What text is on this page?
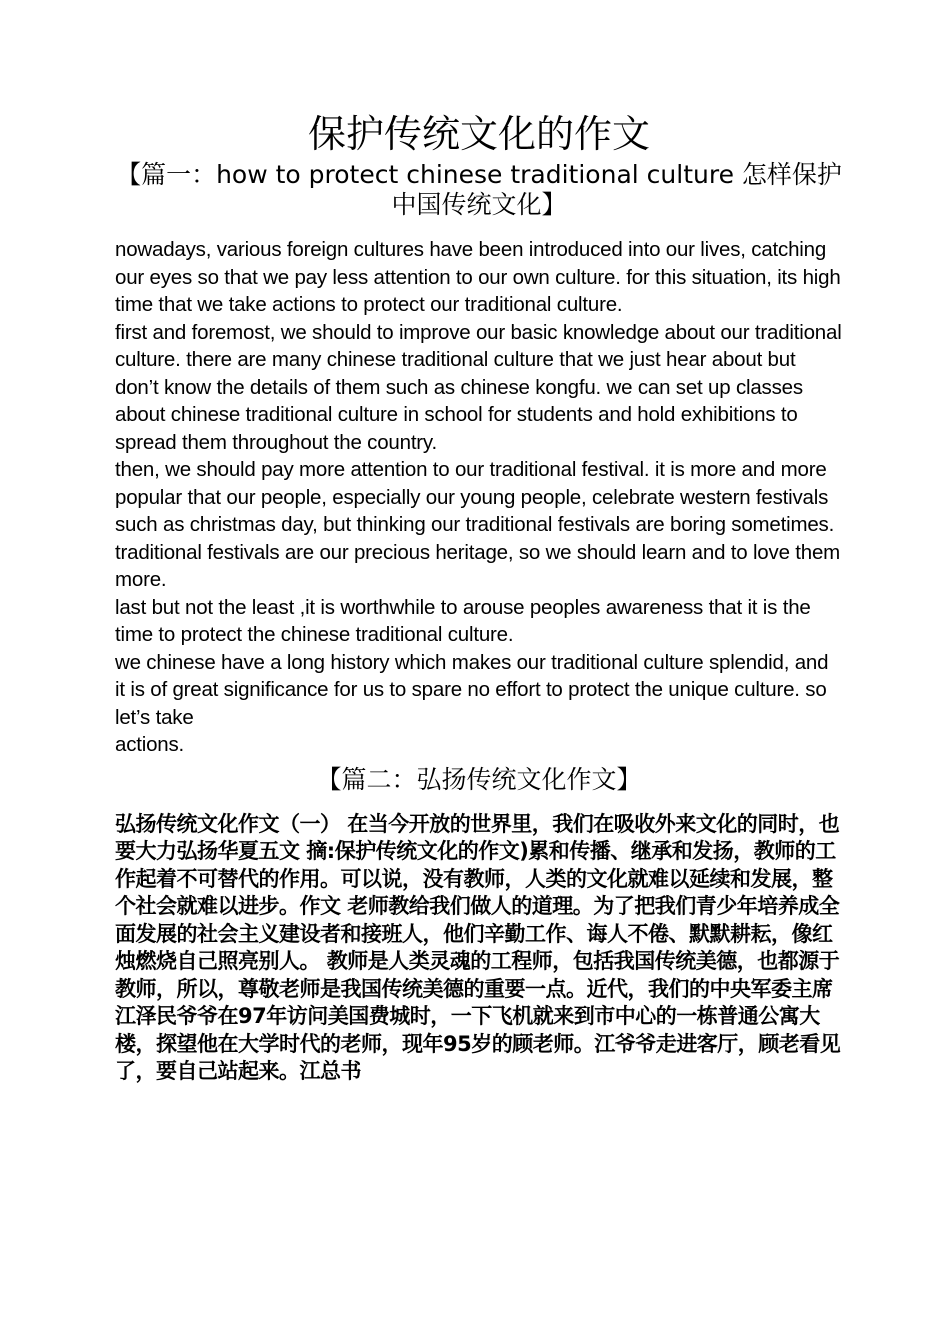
保护传统文化的作文
【篇一：how to protect chinese traditional culture 怎样保护中国传统文化】

nowadays, various foreign cultures have been introduced into our lives, catching our eyes so that we pay less attention to our own culture. for this situation, its high time that we take actions to protect our traditional culture.

first and foremost, we should to improve our basic knowledge about our traditional culture. there are many chinese traditional culture that we just hear about but don’t know the details of them such as chinese kongfu. we can set up classes about chinese traditional culture in school for students and hold exhibitions to spread them throughout the country.

then, we should pay more attention to our traditional festival. it is more and more popular that our people, especially our young people, celebrate western festivals such as christmas day, but thinking our traditional festivals are boring sometimes. traditional festivals are our precious heritage, so we should learn and to love them more.

last but not the least ,it is worthwhile to arouse peoples awareness that it is the time to protect the chinese traditional culture.

we chinese have a long history which makes our traditional culture splendid, and it is of great significance for us to spare no effort to protect the unique culture. so let’s take

actions.

【篇二：弘扬传统文化作文】

弘扬传统文化作文（一） 在当今开放的世界里，我们在吸收外来文化的同时，也要大力弘扬华夏五文 摘:保护传统文化的作文)累和传播、继承和发扬，教师的工作起着不可替代的作用。可以说，没有教师，人类的文化就难以延续和发展，整个社会就难以进步。作文 老师教给我们做人的道理。为了把我们青少年培养成全面发展的社会主义建设者和接班人，他们辛勤工作、诲人不倦、默默耕耘，像红烛燃烧自己照亮别人。 教师是人类灵魂的工程师，包括我国传统美德，也都源于教师，所以，尊敬老师是我国传统美德的重要一点。近代，我们的中央军委主席江泽民爷爷在97年访问美国费城时，一下飞机就来到市中心的一栋普通公寓大楼，探望他在大学时代的老师，现年95岁的顾老师。江爷爷走进客厅，顾老看见了，要自己站起来。江总书
